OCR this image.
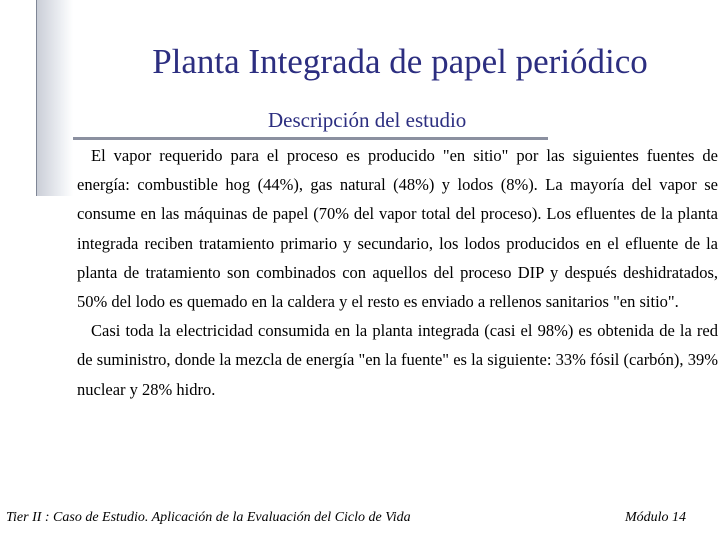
Planta Integrada de papel periódico
Descripción del estudio

El vapor requerido para el proceso es producido "en sitio" por las siguientes fuentes de energía: combustible hog (44%), gas natural (48%) y lodos (8%). La mayoría del vapor se consume en las máquinas de papel (70% del vapor total del proceso). Los efluentes de la planta integrada reciben tratamiento primario y secundario, los lodos producidos en el efluente de la planta de tratamiento son combinados con aquellos del proceso DIP y después deshidratados, 50% del lodo es quemado en la caldera y el resto es enviado a rellenos sanitarios "en sitio".

Casi toda la electricidad consumida en la planta integrada (casi el 98%) es obtenida de la red de suministro, donde la mezcla de energía "en la fuente" es la siguiente: 33% fósil (carbón), 39% nuclear y 28% hidro.

Tier II : Caso de Estudio. Aplicación de la Evaluación del Ciclo de Vida	Módulo 14
